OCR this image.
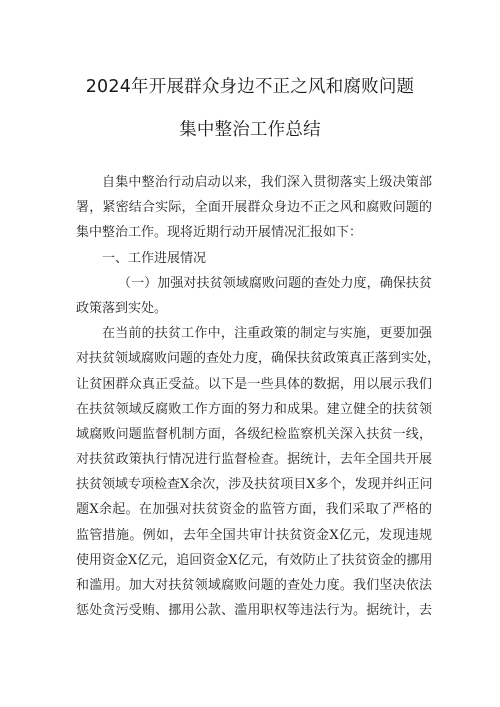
2024年开展群众身边不正之风和腐败问题
集中整治工作总结
自集中整治行动启动以来，我们深入贯彻落实上级决策部
署，紧密结合实际，全面开展群众身边不正之风和腐败问题的
集中整治工作。现将近期行动开展情况汇报如下：
一、工作进展情况
（一）加强对扶贫领域腐败问题的查处力度，确保扶贫
政策落到实处。
在当前的扶贫工作中，注重政策的制定与实施，更要加强
对扶贫领域腐败问题的查处力度，确保扶贫政策真正落到实处，
让贫困群众真正受益。以下是一些具体的数据，用以展示我们
在扶贫领域反腐败工作方面的努力和成果。建立健全的扶贫领
域腐败问题监督机制方面，各级纪检监察机关深入扶贫一线，
对扶贫政策执行情况进行监督检查。据统计，去年全国共开展
扶贫领域专项检查X余次，涉及扶贫项目X多个，发现并纠正问
题X余起。在加强对扶贫资金的监管方面，我们采取了严格的
监管措施。例如，去年全国共审计扶贫资金X亿元，发现违规
使用资金X亿元，追回资金X亿元，有效防止了扶贫资金的挪用
和滥用。加大对扶贫领域腐败问题的查处力度。我们坚决依法
惩处贪污受贿、挪用公款、滥用职权等违法行为。据统计，去
